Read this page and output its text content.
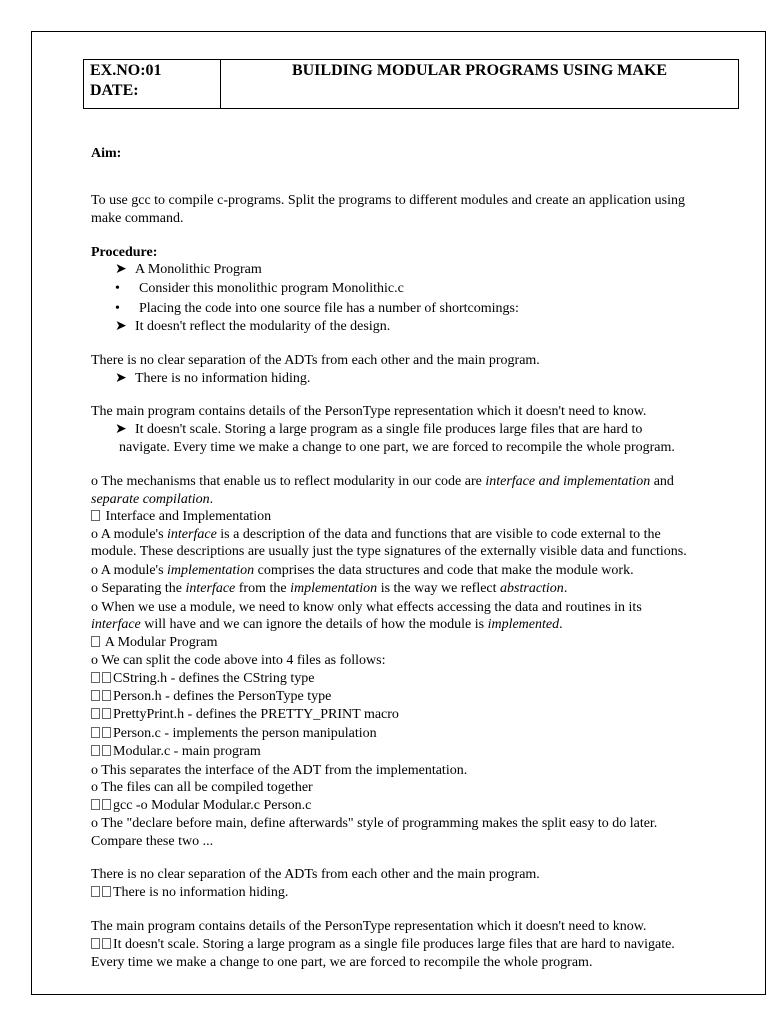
EX.NO:01
DATE:
BUILDING MODULAR PROGRAMS USING MAKE
Aim:
To use gcc to compile c-programs. Split the programs to different modules and create an application using
make command.
Procedure:
➤ A Monolithic Program
• Consider this monolithic program Monolithic.c
• Placing the code into one source file has a number of shortcomings:
➤ It doesn't reflect the modularity of the design.
There is no clear separation of the ADTs from each other and the main program.
➤ There is no information hiding.
The main program contains details of the PersonType representation which it doesn't need to know.
➤ It doesn't scale. Storing a large program as a single file produces large files that are hard to
navigate. Every time we make a change to one part, we are forced to recompile the whole program.
o The mechanisms that enable us to reflect modularity in our code are interface and implementation and
separate compilation.
Interface and Implementation
o A module's interface is a description of the data and functions that are visible to code external to the
module. These descriptions are usually just the type signatures of the externally visible data and functions.
o A module's implementation comprises the data structures and code that make the module work.
o Separating the interface from the implementation is the way we reflect abstraction.
o When we use a module, we need to know only what effects accessing the data and routines in its
interface will have and we can ignore the details of how the module is implemented.
A Modular Program
o We can split the code above into 4 files as follows:
CString.h - defines the CString type
Person.h - defines the PersonType type
PrettyPrint.h - defines the PRETTY_PRINT macro
Person.c - implements the person manipulation
Modular.c - main program
o This separates the interface of the ADT from the implementation.
o The files can all be compiled together
gcc -o Modular Modular.c Person.c
o The "declare before main, define afterwards" style of programming makes the split easy to do later.
Compare these two ...
There is no clear separation of the ADTs from each other and the main program.
There is no information hiding.
The main program contains details of the PersonType representation which it doesn't need to know.
It doesn't scale. Storing a large program as a single file produces large files that are hard to navigate.
Every time we make a change to one part, we are forced to recompile the whole program.
